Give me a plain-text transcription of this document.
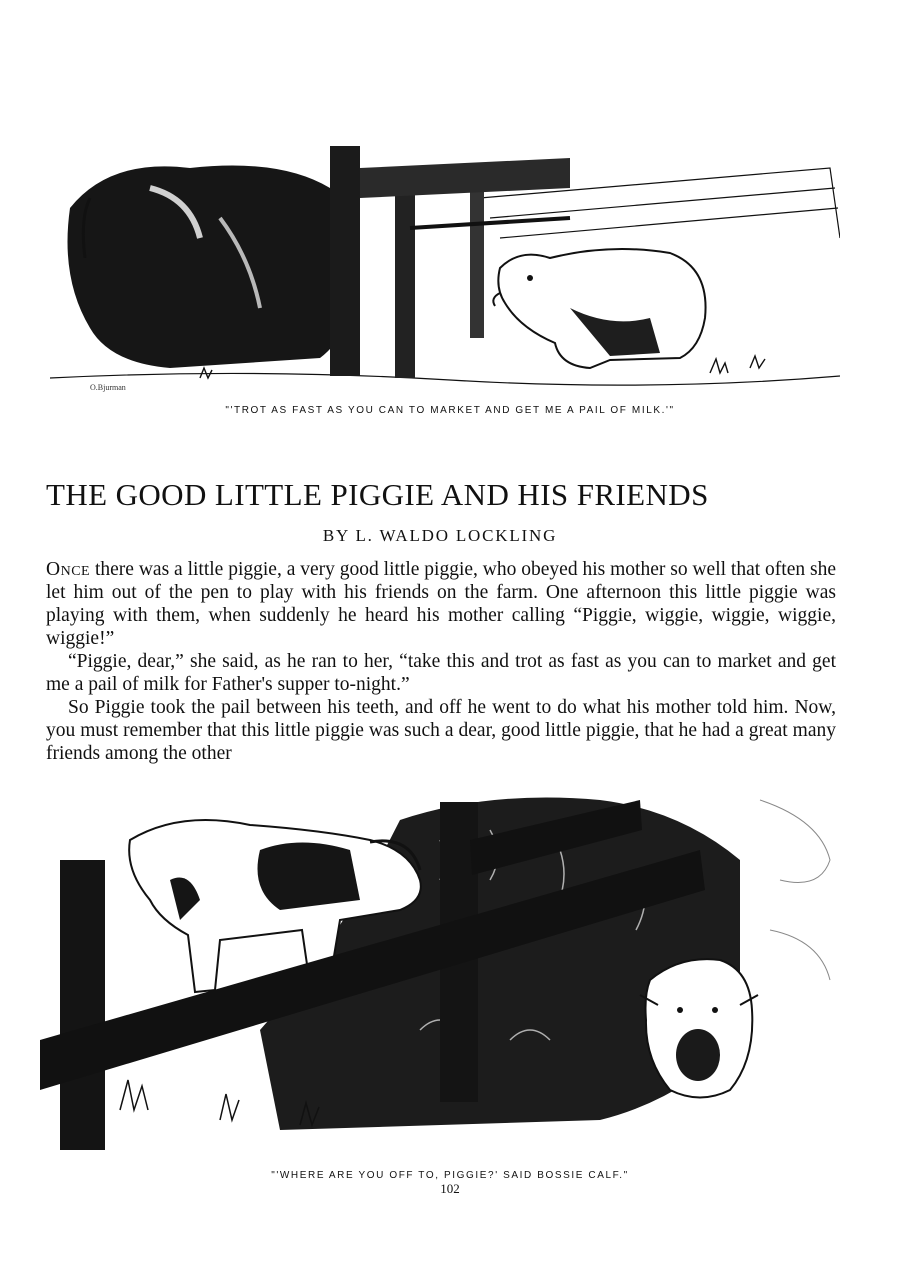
O.Bjurman
"'TROT AS FAST AS YOU CAN TO MARKET AND GET ME A PAIL OF MILK.'"
THE GOOD LITTLE PIGGIE AND HIS FRIENDS
BY L. WALDO LOCKLING

Once there was a little piggie, a very good little piggie, who obeyed his mother so well that often she let him out of the pen to play with his friends on the farm. One afternoon this little piggie was playing with them, when suddenly he heard his mother calling “Piggie, wiggie, wiggie, wiggie, wiggie!”

“Piggie, dear,” she said, as he ran to her, “take this and trot as fast as you can to market and get me a pail of milk for Father's supper to-night.”

So Piggie took the pail between his teeth, and off he went to do what his mother told him. Now, you must remember that this little piggie was such a dear, good little piggie, that he had a great many friends among the other

"'WHERE ARE YOU OFF TO, PIGGIE?' SAID BOSSIE CALF."
102
